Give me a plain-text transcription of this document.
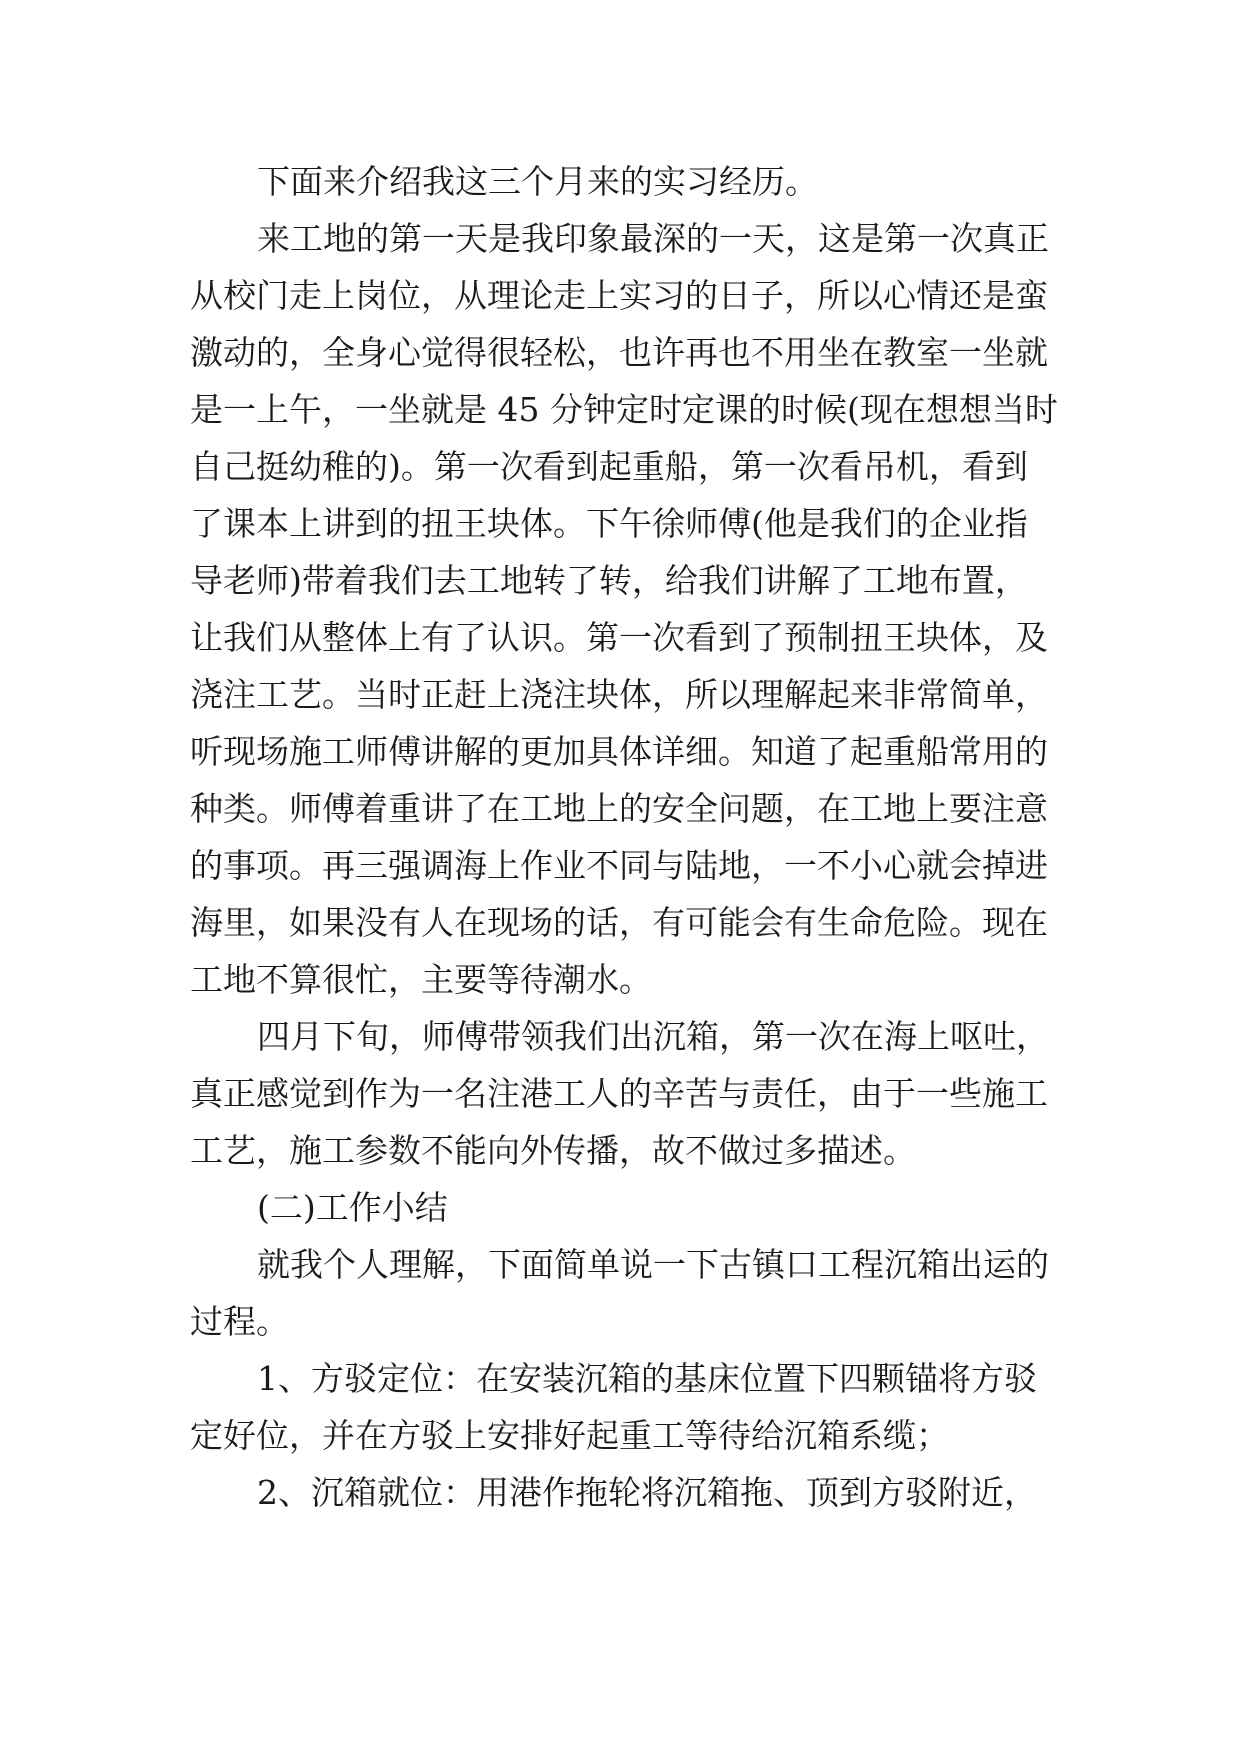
下面来介绍我这三个月来的实习经历。
来工地的第一天是我印象最深的一天，这是第一次真正
从校门走上岗位，从理论走上实习的日子，所以心情还是蛮
激动的，全身心觉得很轻松，也许再也不用坐在教室一坐就
是一上午，一坐就是 45 分钟定时定课的时候(现在想想当时
自己挺幼稚的)。第一次看到起重船，第一次看吊机，看到
了课本上讲到的扭王块体。下午徐师傅(他是我们的企业指
导老师)带着我们去工地转了转，给我们讲解了工地布置，
让我们从整体上有了认识。第一次看到了预制扭王块体，及
浇注工艺。当时正赶上浇注块体，所以理解起来非常简单，
听现场施工师傅讲解的更加具体详细。知道了起重船常用的
种类。师傅着重讲了在工地上的安全问题，在工地上要注意
的事项。再三强调海上作业不同与陆地，一不小心就会掉进
海里，如果没有人在现场的话，有可能会有生命危险。现在
工地不算很忙，主要等待潮水。
四月下旬，师傅带领我们出沉箱，第一次在海上呕吐，
真正感觉到作为一名注港工人的辛苦与责任，由于一些施工
工艺，施工参数不能向外传播，故不做过多描述。
(二)工作小结
就我个人理解，下面简单说一下古镇口工程沉箱出运的
过程。
1、方驳定位：在安装沉箱的基床位置下四颗锚将方驳
定好位，并在方驳上安排好起重工等待给沉箱系缆；
2、沉箱就位：用港作拖轮将沉箱拖、顶到方驳附近，
